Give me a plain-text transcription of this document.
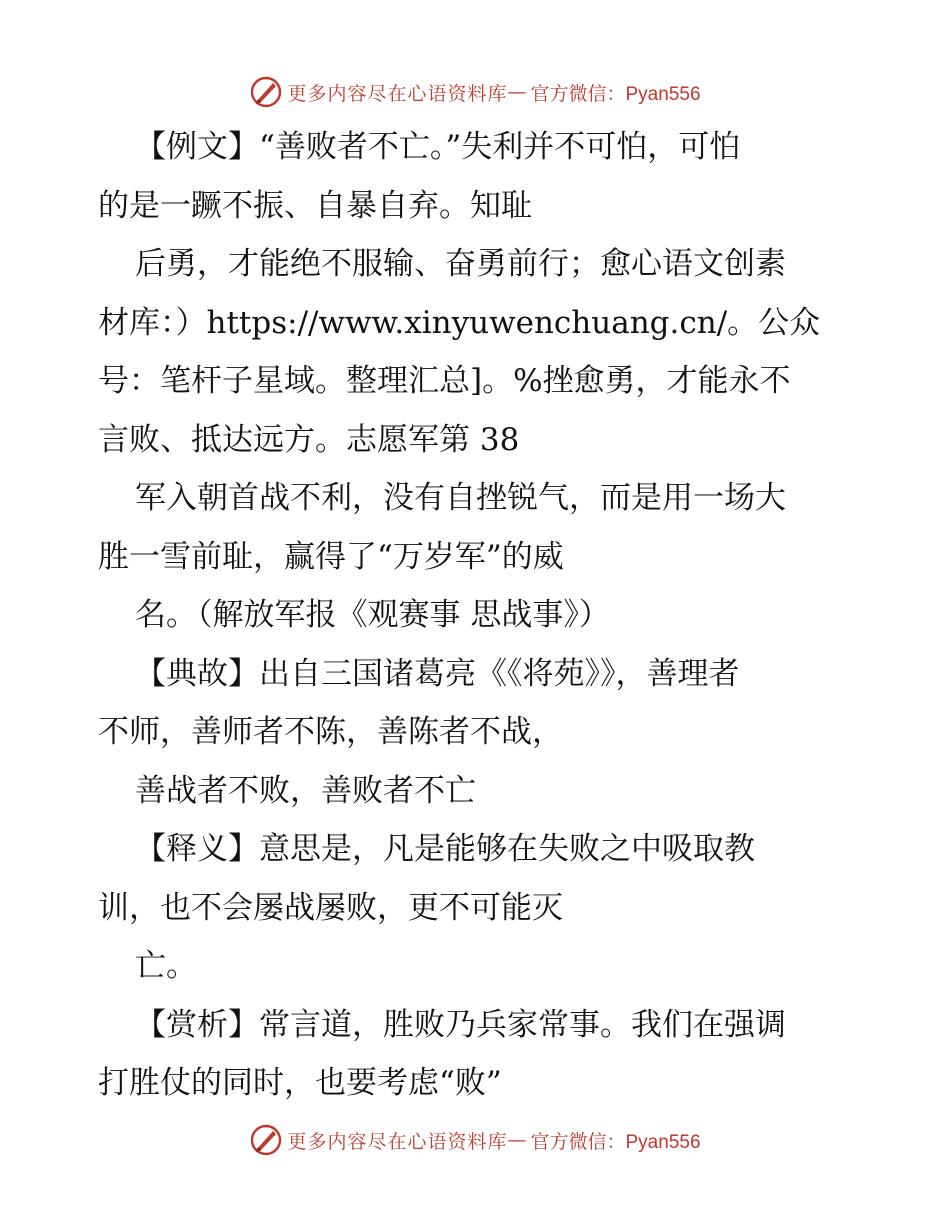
更多内容尽在心语资料库 — 官方微信：Pyan556
【例文】“善败者不亡。”失利并不可怕，可怕
的是一蹶不振、自暴自弃。知耻
后勇，才能绝不服输、奋勇前行；愈心语文创素
材库：）https://www.xinyuwenchuang.cn/。公众
号：笔杆子星域。整理汇总]。%挫愈勇，才能永不
言败、抵达远方。志愿军第 38
军入朝首战不利，没有自挫锐气，而是用一场大
胜一雪前耻，赢得了“万岁军”的威
名。（解放军报《观赛事 思战事》）
【典故】出自三国诸葛亮《《将苑》》，善理者
不师，善师者不陈，善陈者不战，
善战者不败，善败者不亡
【释义】意思是，凡是能够在失败之中吸取教
训，也不会屡战屡败，更不可能灭
亡。
【赏析】常言道，胜败乃兵家常事。我们在强调
打胜仗的同时，也要考虑“败”
更多内容尽在心语资料库 — 官方微信：Pyan556
